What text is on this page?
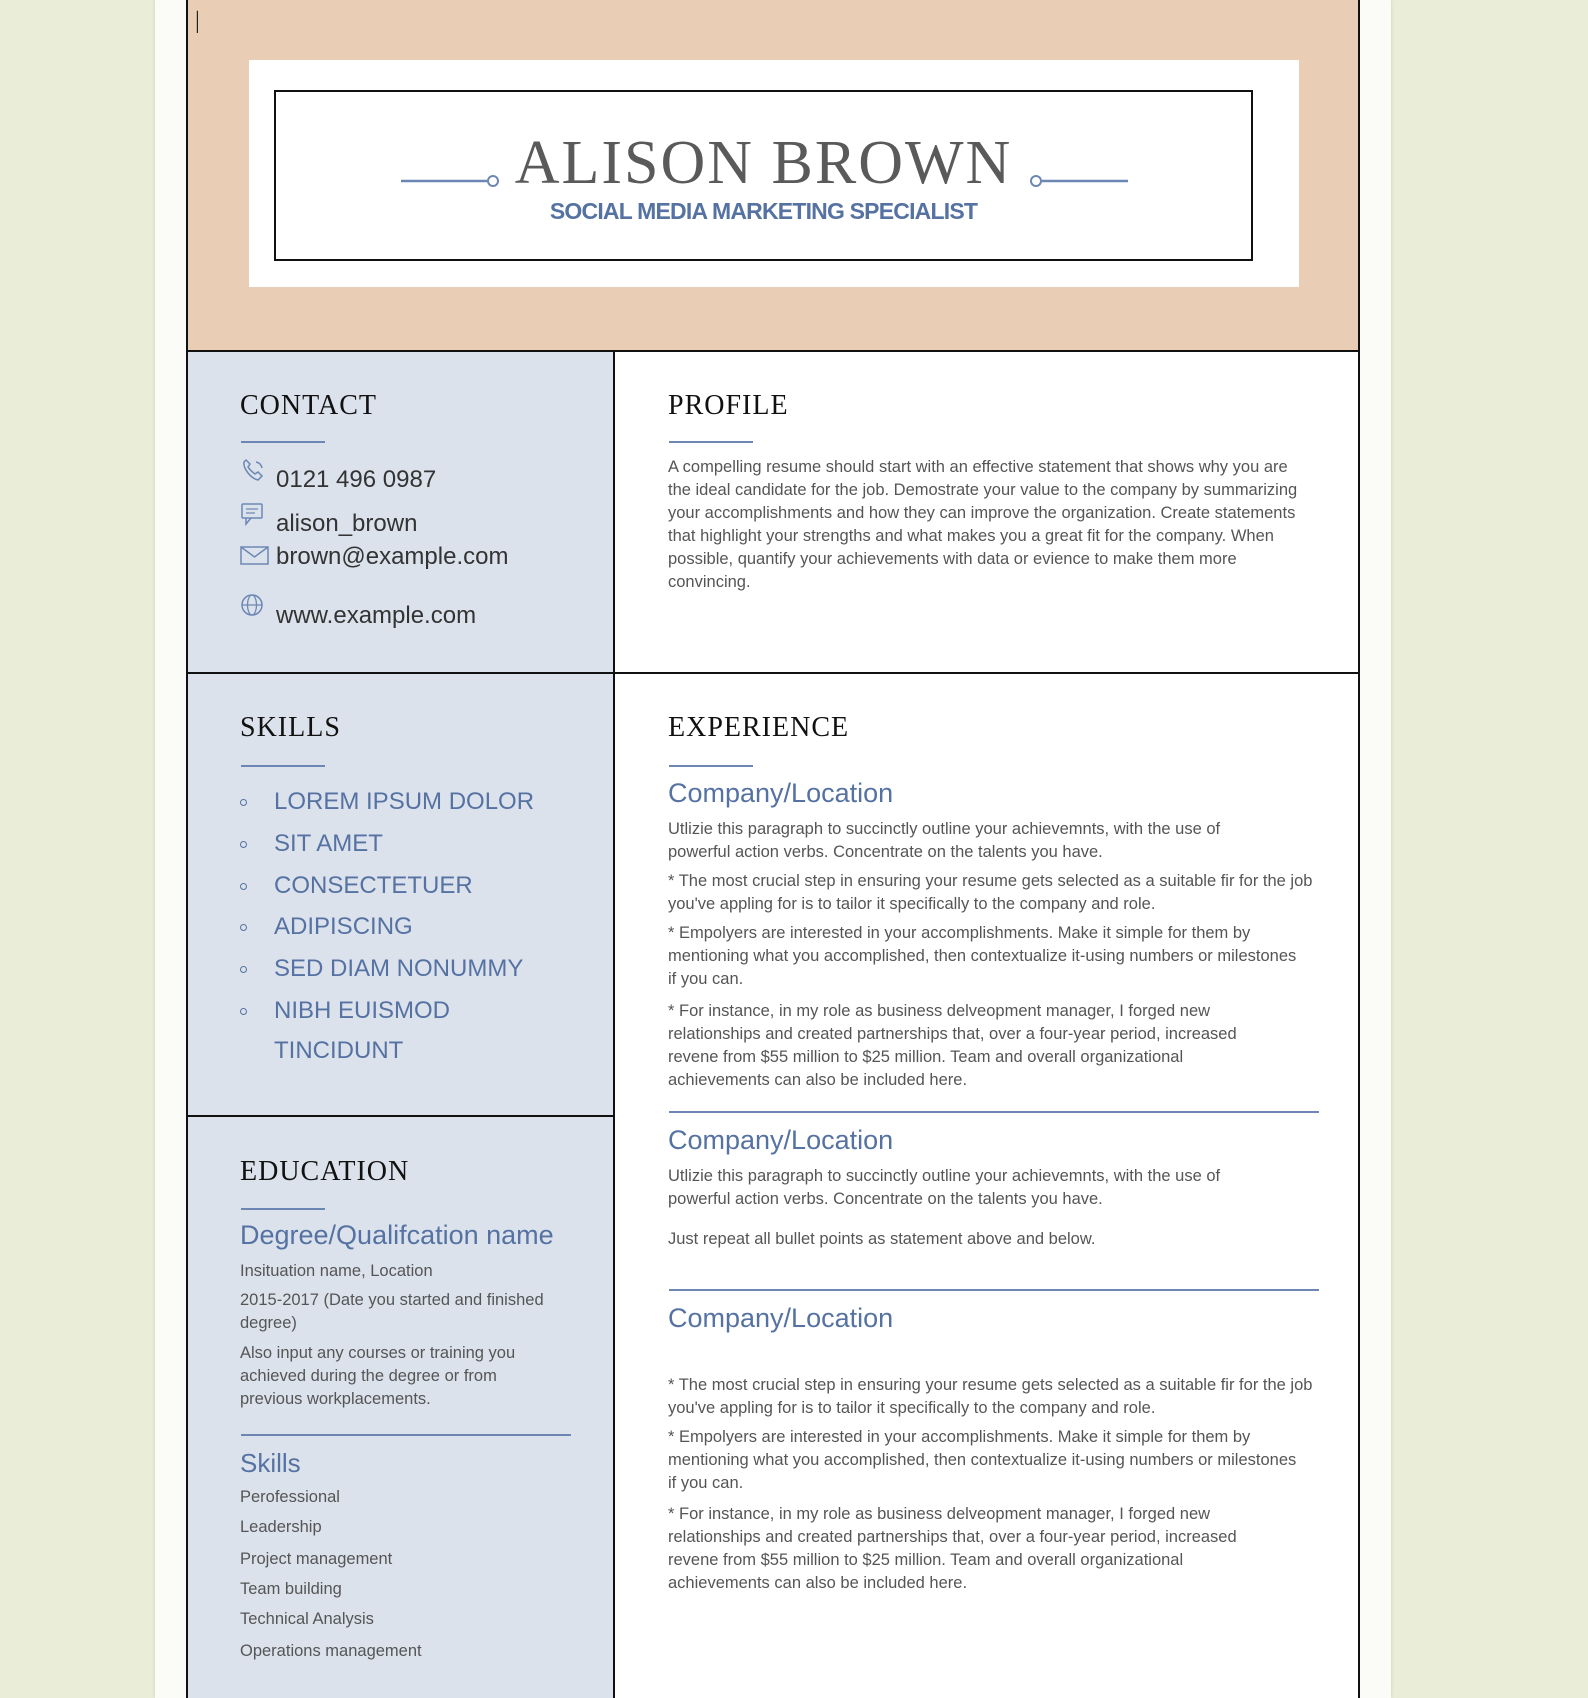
ALISON BROWN
SOCIAL MEDIA MARKETING SPECIALIST
CONTACT
0121 496 0987
alison_brown
brown@example.com
www.example.com
SKILLS
LOREM IPSUM DOLOR
SIT AMET
CONSECTETUER
ADIPISCING
SED DIAM NONUMMY
NIBH EUISMOD
TINCIDUNT
EDUCATION
Degree/Qualifcation name
Insituation name, Location
2015-2017 (Date you started and finished degree)
Also input any courses or training you achieved during the degree or from previous workplacements.
Skills
Perofessional
Leadership
Project management
Team building
Technical Analysis
Operations management
PROFILE
A compelling resume should start with an effective statement that shows why you are the ideal candidate for the job. Demostrate your value to the company by summarizing your accomplishments and how they can improve the organization. Create statements that highlight your strengths and what makes you a great fit for the company. When possible, quantify your achievements with data or evience to make them more convincing.
EXPERIENCE
Company/Location
Utlizie this paragraph to succinctly outline your achievemnts, with the use of powerful action verbs. Concentrate on the talents you have.
* The most crucial step in ensuring your resume gets selected as a suitable fir for the job you've appling for is to tailor it specifically to the company and role.
* Empolyers are interested in your accomplishments. Make it simple for them by mentioning what you accomplished, then contextualize it-using numbers or milestones if you can.
* For instance, in my role as business delveopment manager, I forged new relationships and created partnerships that, over a four-year period, increased revene from $55 million to $25 million. Team and overall organizational achievements can also be included here.
Company/Location
Utlizie this paragraph to succinctly outline your achievemnts, with the use of powerful action verbs. Concentrate on the talents you have.
Just repeat all bullet points as statement above and below.
Company/Location
* The most crucial step in ensuring your resume gets selected as a suitable fir for the job you've appling for is to tailor it specifically to the company and role.
* Empolyers are interested in your accomplishments. Make it simple for them by mentioning what you accomplished, then contextualize it-using numbers or milestones if you can.
* For instance, in my role as business delveopment manager, I forged new relationships and created partnerships that, over a four-year period, increased revene from $55 million to $25 million. Team and overall organizational achievements can also be included here.
|
